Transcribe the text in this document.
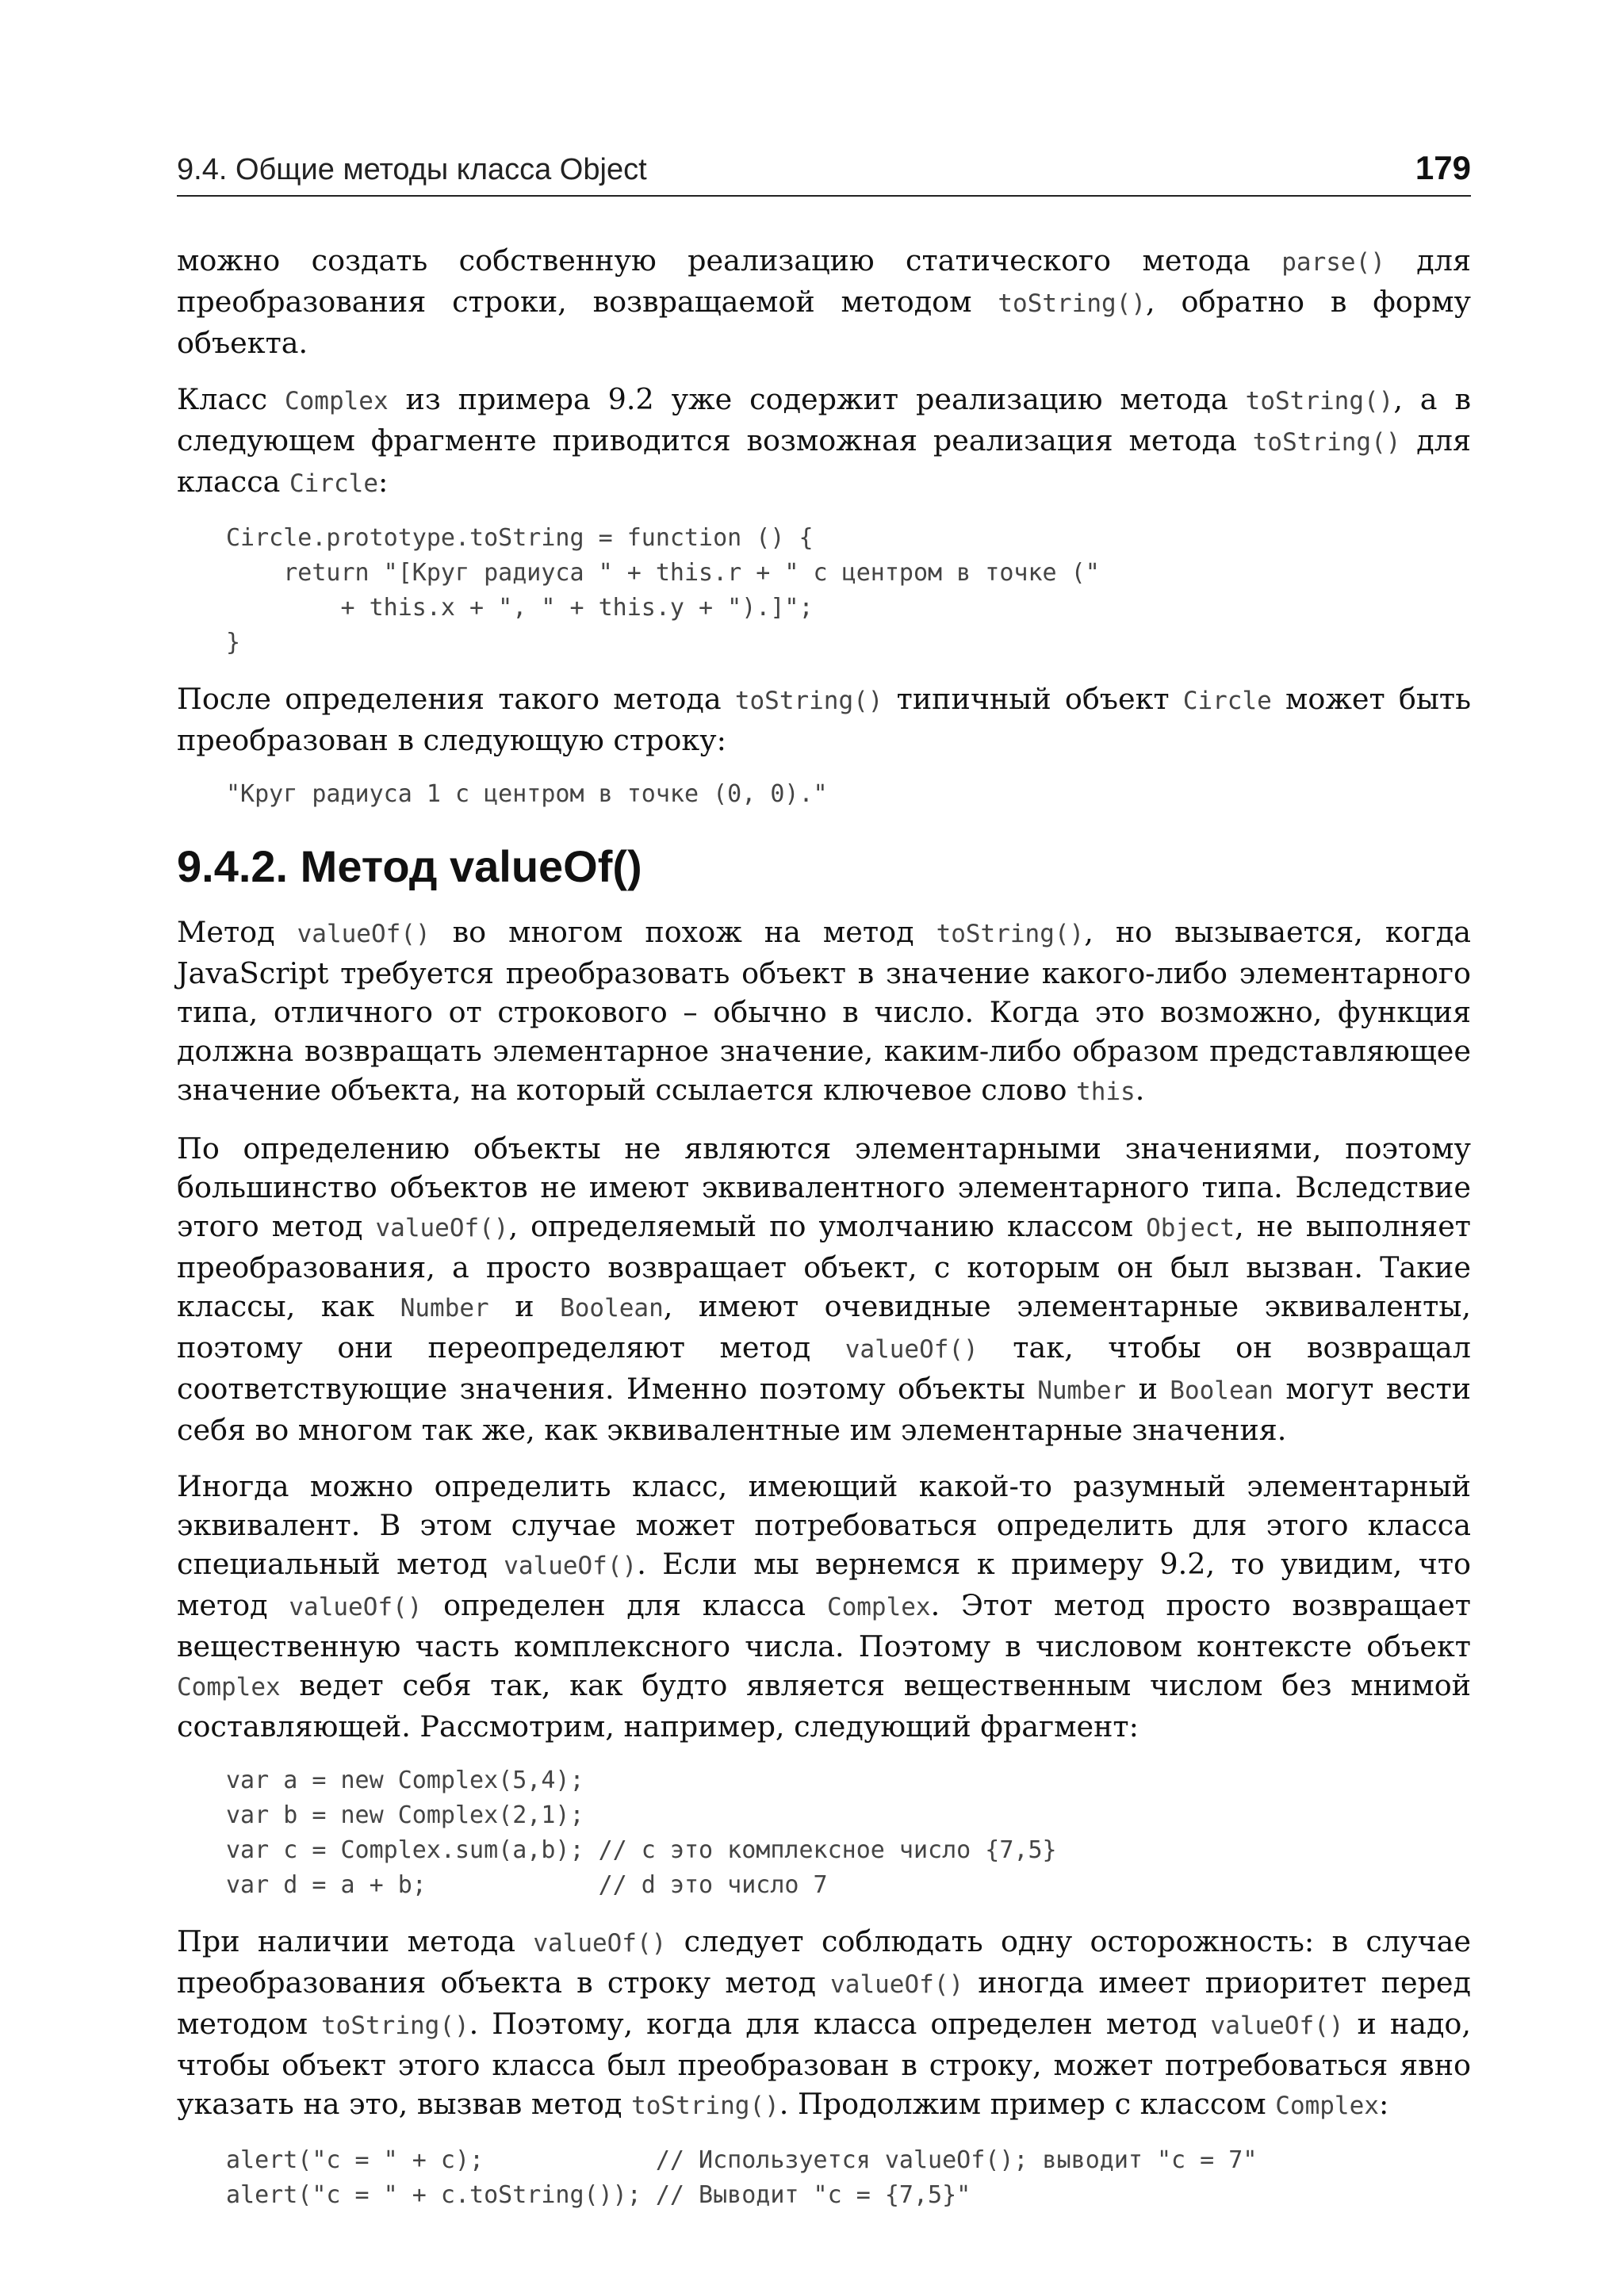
9.4. Общие методы класса Object	179

можно создать собственную реализацию статического метода parse() для преобразования строки, возвращаемой методом toString(), обратно в форму объекта.

Класс Complex из примера 9.2 уже содержит реализацию метода toString(), а в следующем фрагменте приводится возможная реализация метода toString() для класса Circle:

Circle.prototype.toString = function () {
return "[Круг радиуса " + this.r + " с центром в точке ("
+ this.x + ", " + this.y + ").]";
}

После определения такого метода toString() типичный объект Circle может быть преобразован в следующую строку:

"Круг радиуса 1 с центром в точке (0, 0)."
9.4.2. Метод valueOf()

Метод valueOf() во многом похож на метод toString(), но вызывается, когда JavaScript требуется преобразовать объект в значение какого-либо элементарного типа, отличного от строкового – обычно в число. Когда это возможно, функция должна возвращать элементарное значение, каким-либо образом представляющее значение объекта, на который ссылается ключевое слово this.

По определению объекты не являются элементарными значениями, поэтому большинство объектов не имеют эквивалентного элементарного типа. Вследствие этого метод valueOf(), определяемый по умолчанию классом Object, не выполняет преобразования, а просто возвращает объект, с которым он был вызван. Такие классы, как Number и Boolean, имеют очевидные элементарные эквиваленты, поэтому они переопределяют метод valueOf() так, чтобы он возвращал соответствующие значения. Именно поэтому объекты Number и Boolean могут вести себя во многом так же, как эквивалентные им элементарные значения.

Иногда можно определить класс, имеющий какой-то разумный элементарный эквивалент. В этом случае может потребоваться определить для этого класса специальный метод valueOf(). Если мы вернемся к примеру 9.2, то увидим, что метод valueOf() определен для класса Complex. Этот метод просто возвращает вещественную часть комплексного числа. Поэтому в числовом контексте объект Complex ведет себя так, как будто является вещественным числом без мнимой составляющей. Рассмотрим, например, следующий фрагмент:

var a = new Complex(5,4);
var b = new Complex(2,1);
var c = Complex.sum(a,b); // c это комплексное число {7,5}
var d = a + b;            // d это число 7

При наличии метода valueOf() следует соблюдать одну осторожность: в случае преобразования объекта в строку метод valueOf() иногда имеет приоритет перед методом toString(). Поэтому, когда для класса определен метод valueOf() и надо, чтобы объект этого класса был преобразован в строку, может потребоваться явно указать на это, вызвав метод toString(). Продолжим пример с классом Complex:

alert("c = " + c);            // Используется valueOf(); выводит "c = 7"
alert("c = " + c.toString()); // Выводит "c = {7,5}"
